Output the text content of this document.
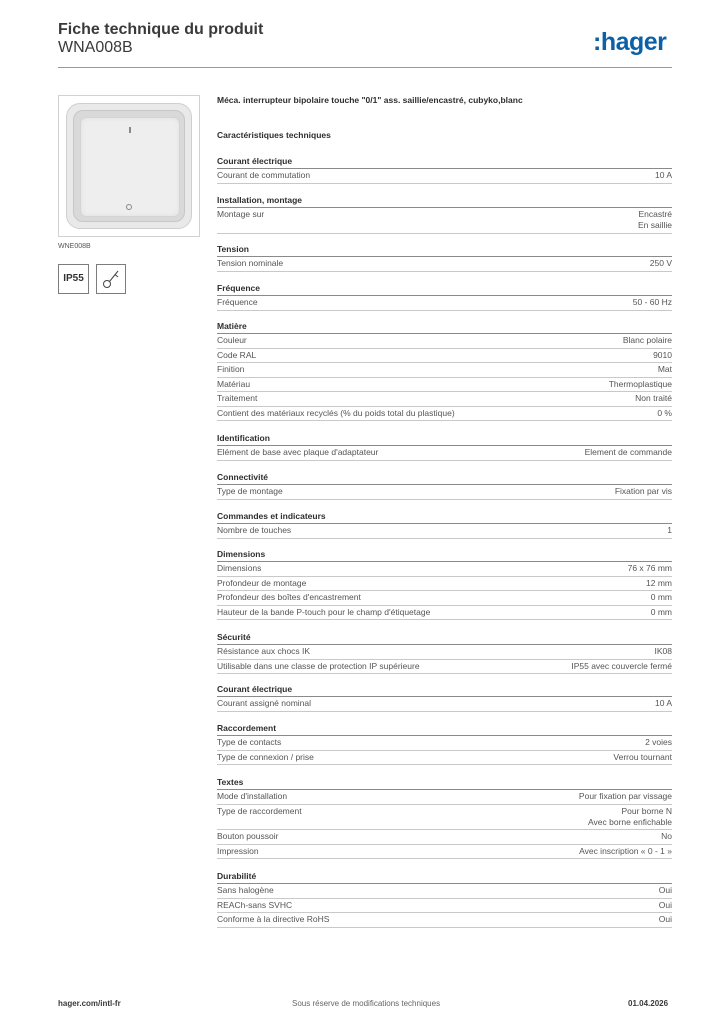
Fiche technique du produit
WNA008B	:hager
WNE008B
IP55
Méca. interrupteur bipolaire touche "0/1" ass. saillie/encastré, cubyko,blanc
Caractéristiques techniques
Courant électrique
Courant de commutation	10 A
Installation, montage
Montage sur	Encastré
En saillie
Tension
Tension nominale	250 V
Fréquence
Fréquence	50 - 60 Hz
Matière
Couleur	Blanc polaire
Code RAL	9010
Finition	Mat
Matériau	Thermoplastique
Traitement	Non traité
Contient des matériaux recyclés (% du poids total du plastique)	0 %
Identification
Elément de base avec plaque d'adaptateur	Element de commande
Connectivité
Type de montage	Fixation par vis
Commandes et indicateurs
Nombre de touches	1
Dimensions
Dimensions	76 x 76 mm
Profondeur de montage	12 mm
Profondeur des boîtes d'encastrement	0 mm
Hauteur de la bande P-touch pour le champ d'étiquetage	0 mm
Sécurité
Résistance aux chocs IK	IK08
Utilisable dans une classe de protection IP supérieure	IP55 avec couvercle fermé
Courant électrique
Courant assigné nominal	10 A
Raccordement
Type de contacts	2 voies
Type de connexion / prise	Verrou tournant
Textes
Mode d'installation	Pour fixation par vissage
Type de raccordement	Pour borne N
Avec borne enfichable
Bouton poussoir	No
Impression	Avec inscription « 0 - 1 »
Durabilité
Sans halogène	Oui
REACh-sans SVHC	Oui
Conforme à la directive RoHS	Oui
hager.com/intl-fr	Sous réserve de modifications techniques	01.04.2026
